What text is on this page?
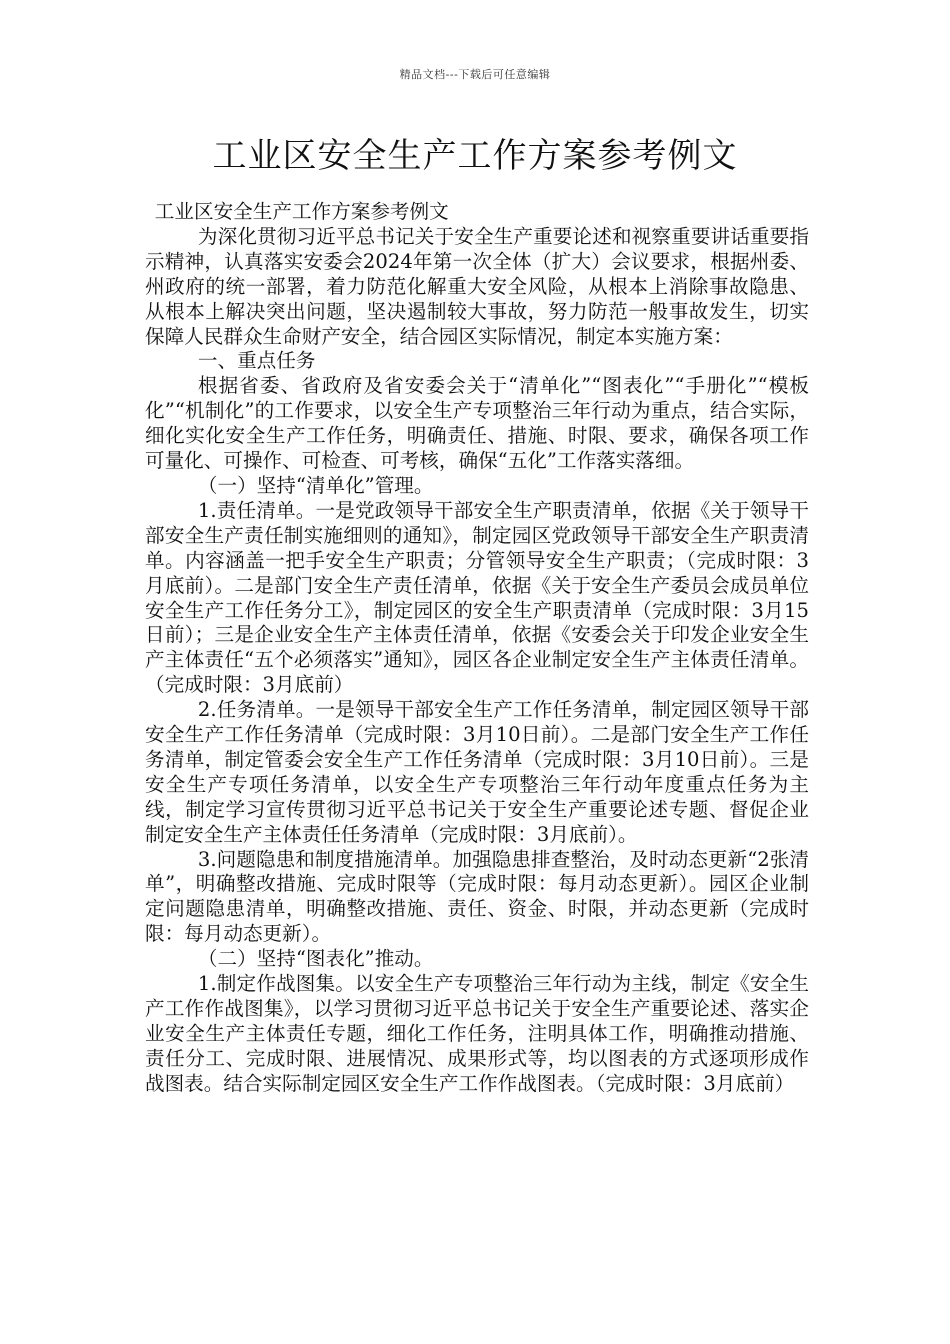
精品文档---下载后可任意编辑
工业区安全生产工作方案参考例文

工业区安全生产工作方案参考例文

为深化贯彻习近平总书记关于安全生产重要论述和视察重要讲话重要指示精神，认真落实安委会2024年第一次全体（扩大）会议要求，根据州委、州政府的统一部署，着力防范化解重大安全风险，从根本上消除事故隐患、从根本上解决突出问题，坚决遏制较大事故，努力防范一般事故发生，切实保障人民群众生命财产安全，结合园区实际情况，制定本实施方案：

一、重点任务

根据省委、省政府及省安委会关于“清单化”“图表化”“手册化”“模板化”“机制化”的工作要求，以安全生产专项整治三年行动为重点，结合实际，细化实化安全生产工作任务，明确责任、措施、时限、要求，确保各项工作可量化、可操作、可检查、可考核，确保“五化”工作落实落细。

（一）坚持“清单化”管理。

1.责任清单。一是党政领导干部安全生产职责清单，依据《关于领导干部安全生产责任制实施细则的通知》，制定园区党政领导干部安全生产职责清单。内容涵盖一把手安全生产职责；分管领导安全生产职责；（完成时限：3月底前）。二是部门安全生产责任清单，依据《关于安全生产委员会成员单位安全生产工作任务分工》，制定园区的安全生产职责清单（完成时限：3月15日前）；三是企业安全生产主体责任清单，依据《安委会关于印发企业安全生产主体责任“五个必须落实”通知》，园区各企业制定安全生产主体责任清单。（完成时限：3月底前）

2.任务清单。一是领导干部安全生产工作任务清单，制定园区领导干部安全生产工作任务清单（完成时限：3月10日前）。二是部门安全生产工作任务清单，制定管委会安全生产工作任务清单（完成时限：3月10日前）。三是安全生产专项任务清单，以安全生产专项整治三年行动年度重点任务为主线，制定学习宣传贯彻习近平总书记关于安全生产重要论述专题、督促企业制定安全生产主体责任任务清单（完成时限：3月底前）。

3.问题隐患和制度措施清单。加强隐患排查整治，及时动态更新“2张清单”，明确整改措施、完成时限等（完成时限：每月动态更新）。园区企业制定问题隐患清单，明确整改措施、责任、资金、时限，并动态更新（完成时限：每月动态更新）。

（二）坚持“图表化”推动。

1.制定作战图集。以安全生产专项整治三年行动为主线，制定《安全生产工作作战图集》，以学习贯彻习近平总书记关于安全生产重要论述、落实企业安全生产主体责任专题，细化工作任务，注明具体工作，明确推动措施、责任分工、完成时限、进展情况、成果形式等，均以图表的方式逐项形成作战图表。结合实际制定园区安全生产工作作战图表。（完成时限：3月底前）
